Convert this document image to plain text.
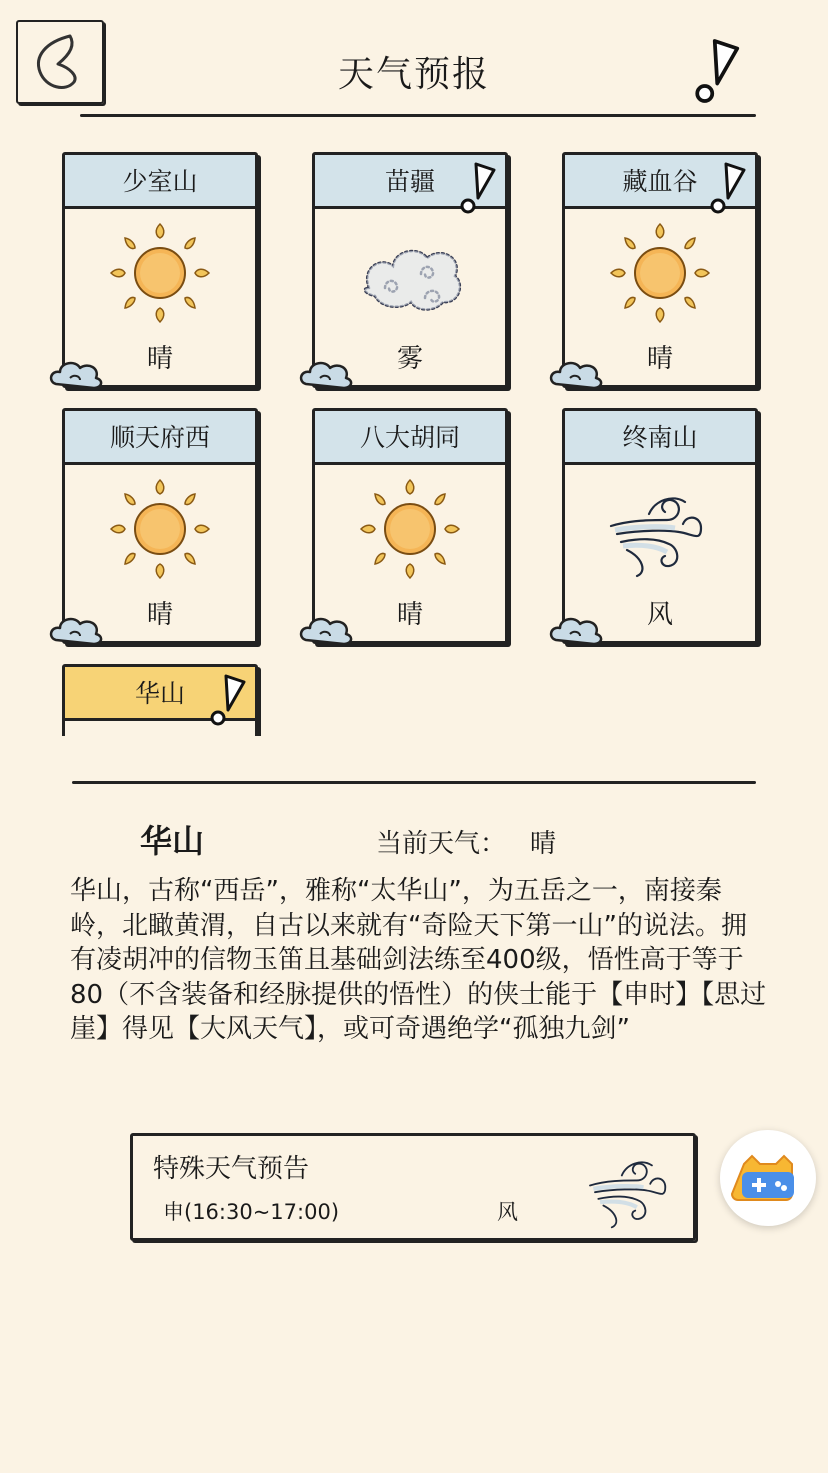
天气预报
少室山
晴
苗疆
雾
藏血谷
晴
顺天府西
晴
八大胡同
晴
终南山
风
华山
华山	当前天气： 晴
华山，古称“西岳”，雅称“太华山”，为五岳之一，南接秦岭，北瞰黄渭，自古以来就有“奇险天下第一山”的说法。拥有凌胡冲的信物玉笛且基础剑法练至400级，悟性高于等于80（不含装备和经脉提供的悟性）的侠士能于【申时】【思过崖】得见【大风天气】，或可奇遇绝学“孤独九剑”
特殊天气预告
申(16:30~17:00)	风
